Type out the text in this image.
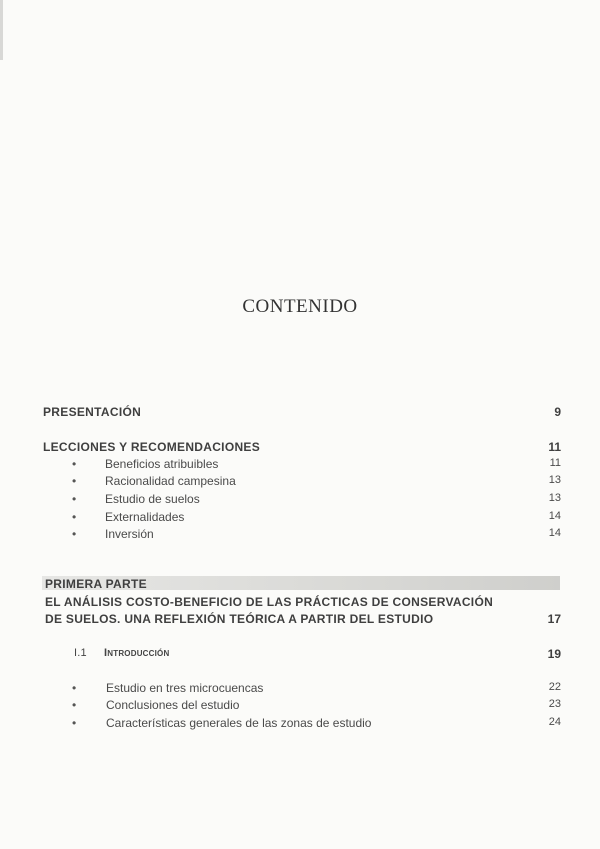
CONTENIDO
PRESENTACIÓN	9
LECCIONES Y RECOMENDACIONES	11
• Beneficios atribuibles	11
• Racionalidad campesina	13
• Estudio de suelos	13
• Externalidades	14
• Inversión	14
PRIMERA PARTE
EL ANÁLISIS COSTO-BENEFICIO DE LAS PRÁCTICAS DE CONSERVACIÓN
DE SUELOS. UNA REFLEXIÓN TEÓRICA A PARTIR DEL ESTUDIO	17
I.1 Introducción	19
• Estudio en tres microcuencas	22
• Conclusiones del estudio	23
• Características generales de las zonas de estudio	24
